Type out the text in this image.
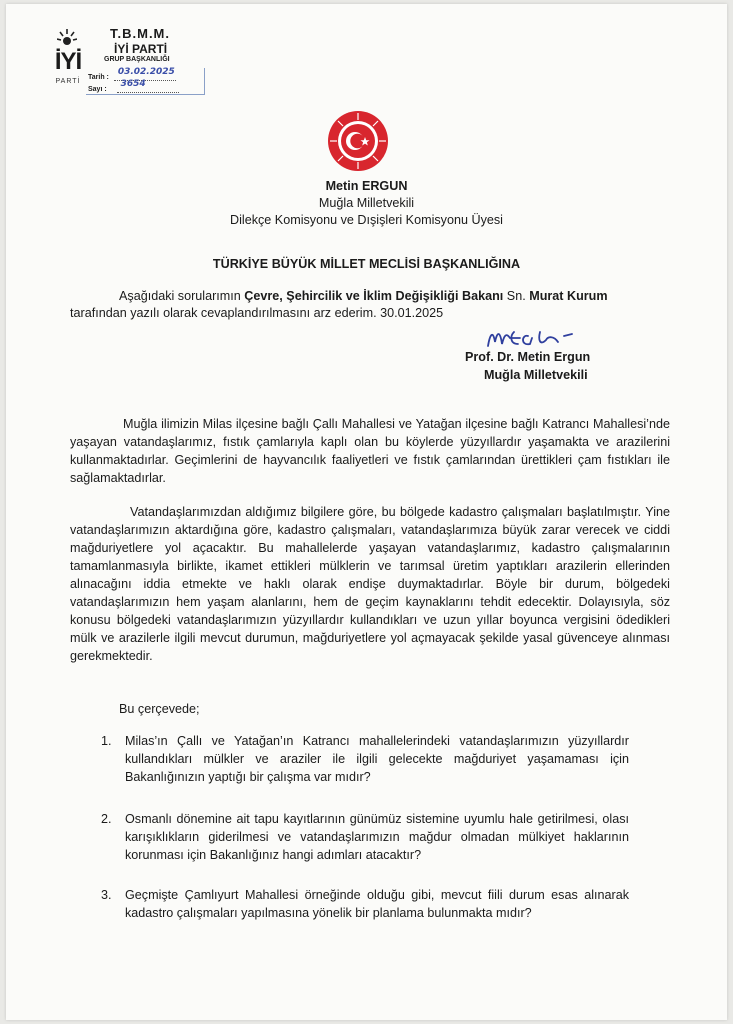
İYİ
PARTİ
T.B.M.M.
İYİ PARTİ
GRUP BAŞKANLIĞI
Tarih :
03.02.2025
Sayı :
3654
Metin ERGUN
Muğla Milletvekili
Dilekçe Komisyonu ve Dışişleri Komisyonu Üyesi
TÜRKİYE BÜYÜK MİLLET MECLİSİ BAŞKANLIĞINA
Aşağıdaki sorularımın Çevre, Şehircilik ve İklim Değişikliği Bakanı Sn. Murat Kurum
tarafından yazılı olarak cevaplandırılmasını arz ederim. 30.01.2025
Prof. Dr. Metin Ergun
Muğla Milletvekili
Muğla ilimizin Milas ilçesine bağlı Çallı Mahallesi ve Yatağan ilçesine bağlı Katrancı Mahallesi’nde yaşayan vatandaşlarımız, fıstık çamlarıyla kaplı olan bu köylerde yüzyıllardır yaşamakta ve arazilerini kullanmaktadırlar. Geçimlerini de hayvancılık faaliyetleri ve fıstık çamlarından ürettikleri çam fıstıkları ile sağlamaktadırlar.
Vatandaşlarımızdan aldığımız bilgilere göre, bu bölgede kadastro çalışmaları başlatılmıştır. Yine vatandaşlarımızın aktardığına göre, kadastro çalışmaları, vatandaşlarımıza büyük zarar verecek ve ciddi mağduriyetlere yol açacaktır. Bu mahallelerde yaşayan vatandaşlarımız, kadastro çalışmalarının tamamlanmasıyla birlikte, ikamet ettikleri mülklerin ve tarımsal üretim yaptıkları arazilerin ellerinden alınacağını iddia etmekte ve haklı olarak endişe duymaktadırlar. Böyle bir durum, bölgedeki vatandaşlarımızın hem yaşam alanlarını, hem de geçim kaynaklarını tehdit edecektir. Dolayısıyla, söz konusu bölgedeki vatandaşlarımızın yüzyıllardır kullandıkları ve uzun yıllar boyunca vergisini ödedikleri mülk ve arazilerle ilgili mevcut durumun, mağduriyetlere yol açmayacak şekilde yasal güvenceye alınması gerekmektedir.
Bu çerçevede;
1. Milas’ın Çallı ve Yatağan’ın Katrancı mahallelerindeki vatandaşlarımızın yüzyıllardır kullandıkları mülkler ve araziler ile ilgili gelecekte mağduriyet yaşamaması için Bakanlığınızın yaptığı bir çalışma var mıdır?
2. Osmanlı dönemine ait tapu kayıtlarının günümüz sistemine uyumlu hale getirilmesi, olası karışıklıkların giderilmesi ve vatandaşlarımızın mağdur olmadan mülkiyet haklarının korunması için Bakanlığınız hangi adımları atacaktır?
3. Geçmişte Çamlıyurt Mahallesi örneğinde olduğu gibi, mevcut fiili durum esas alınarak kadastro çalışmaları yapılmasına yönelik bir planlama bulunmakta mıdır?
